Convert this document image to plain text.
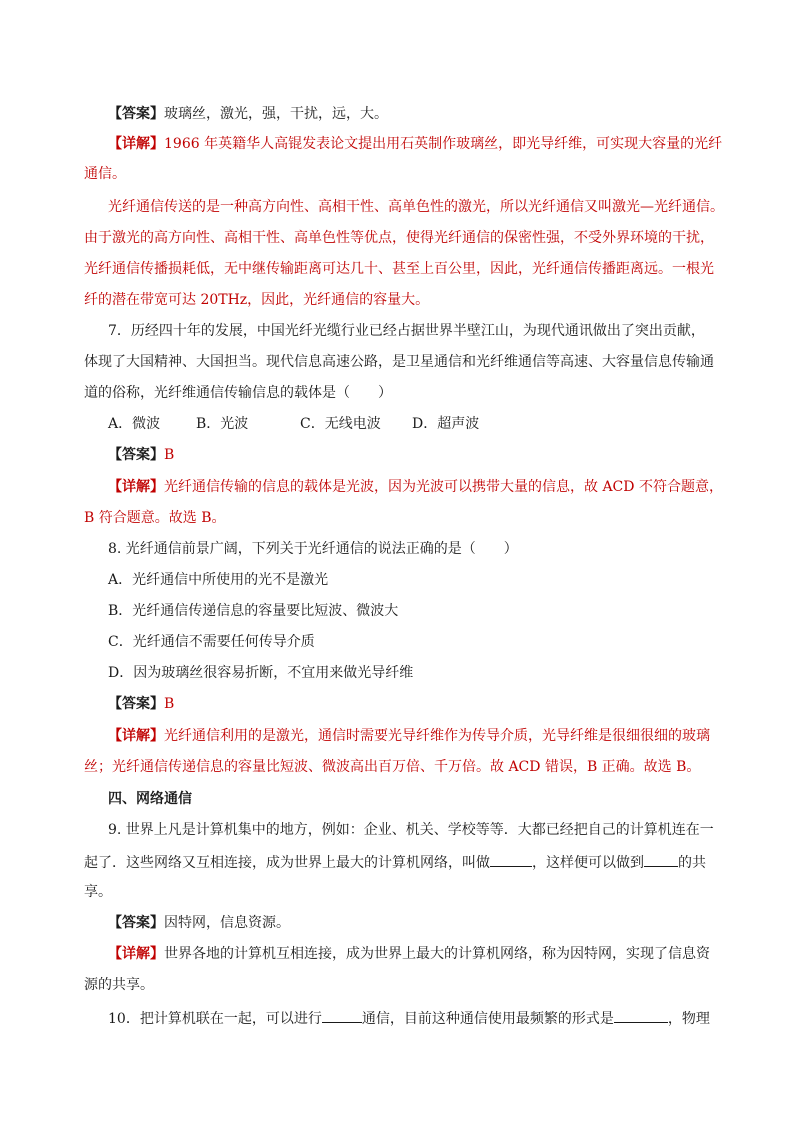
【答案】玻璃丝，激光，强，干扰，远，大。
【详解】1966 年英籍华人高锟发表论文提出用石英制作玻璃丝，即光导纤维，可实现大容量的光纤
通信。
光纤通信传送的是一种高方向性、高相干性、高单色性的激光，所以光纤通信又叫激光—光纤通信。
由于激光的高方向性、高相干性、高单色性等优点，使得光纤通信的保密性强，不受外界环境的干扰，
光纤通信传播损耗低，无中继传输距离可达几十、甚至上百公里，因此，光纤通信传播距离远。一根光
纤的潜在带宽可达 20THz，因此，光纤通信的容量大。
7．历经四十年的发展，中国光纤光缆行业已经占据世界半壁江山，为现代通讯做出了突出贡献，
体现了大国精神、大国担当。现代信息高速公路，是卫星通信和光纤维通信等高速、大容量信息传输通
道的俗称，光纤维通信传输信息的载体是（　　）
A．微波	B．光波	C．无线电波 D．超声波
【答案】B
【详解】光纤通信传输的信息的载体是光波，因为光波可以携带大量的信息，故 ACD 不符合题意，
B 符合题意。故选 B。
8. 光纤通信前景广阔，下列关于光纤通信的说法正确的是（　　）
A．光纤通信中所使用的光不是激光
B．光纤通信传递信息的容量要比短波、微波大
C．光纤通信不需要任何传导介质
D．因为玻璃丝很容易折断，不宜用来做光导纤维
【答案】B
【详解】光纤通信利用的是激光，通信时需要光导纤维作为传导介质，光导纤维是很细很细的玻璃
丝；光纤通信传递信息的容量比短波、微波高出百万倍、千万倍。故 ACD 错误，B 正确。故选 B。
四、网络通信
9. 世界上凡是计算机集中的地方，例如：企业、机关、学校等等．大都已经把自己的计算机连在一
起了．这些网络又互相连接，成为世界上最大的计算机网络，叫做	，这样便可以做到 的共
享。
【答案】因特网，信息资源。
【详解】世界各地的计算机互相连接，成为世界上最大的计算机网络，称为因特网，实现了信息资
源的共享。
10．把计算机联在一起，可以进行	通信，目前这种通信使用最频繁的形式是	，物理
